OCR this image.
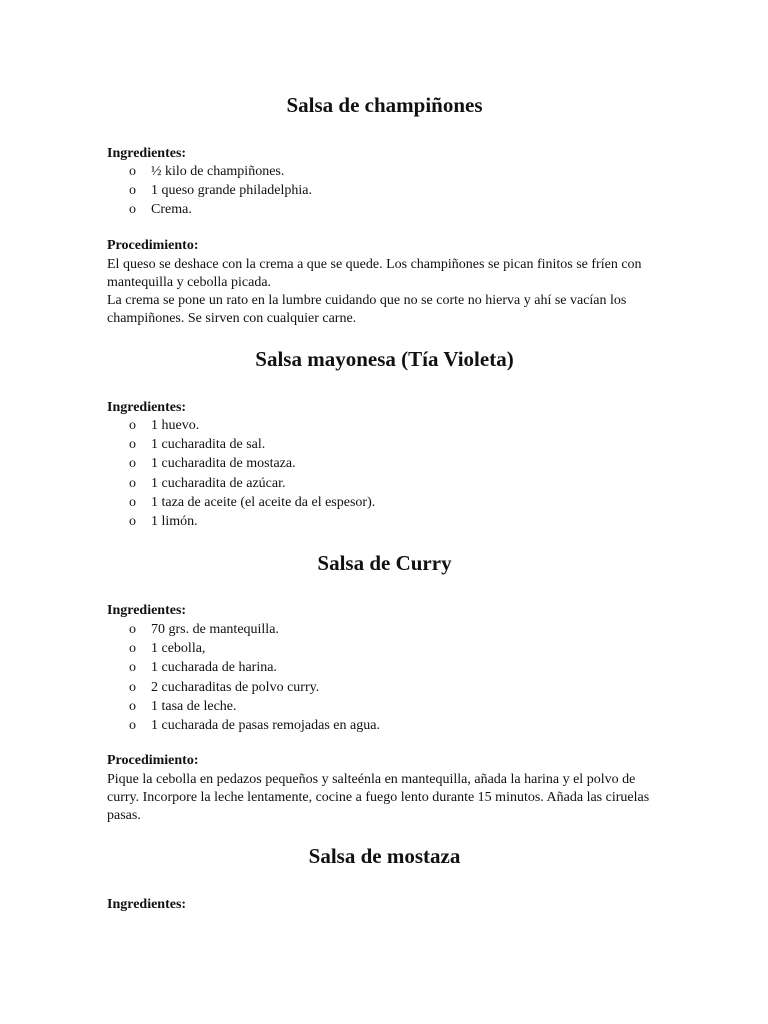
Salsa de champiñones
Ingredientes:
o ½ kilo de champiñones.
o 1 queso grande philadelphia.
o Crema.
Procedimiento:

El queso se deshace con la crema a que se quede. Los champiñones se pican finitos se fríen con mantequilla y cebolla picada.

La crema se pone un rato en la lumbre cuidando que no se corte no hierva y ahí se vacían los champiñones. Se sirven con cualquier carne.

Salsa mayonesa (Tía Violeta)
Ingredientes:
o 1 huevo.
o 1 cucharadita de sal.
o 1 cucharadita de mostaza.
o 1 cucharadita de azúcar.
o 1 taza de aceite (el aceite da el espesor).
o 1 limón.
Salsa de Curry
Ingredientes:
o 70 grs. de mantequilla.
o 1 cebolla,
o 1 cucharada de harina.
o 2 cucharaditas de polvo curry.
o 1 tasa de leche.
o 1 cucharada de pasas remojadas en agua.
Procedimiento:

Pique la cebolla en pedazos pequeños y salteénla en mantequilla, añada la harina y el polvo de curry. Incorpore la leche lentamente, cocine a fuego lento durante 15 minutos. Añada las ciruelas pasas.

Salsa de mostaza
Ingredientes:
